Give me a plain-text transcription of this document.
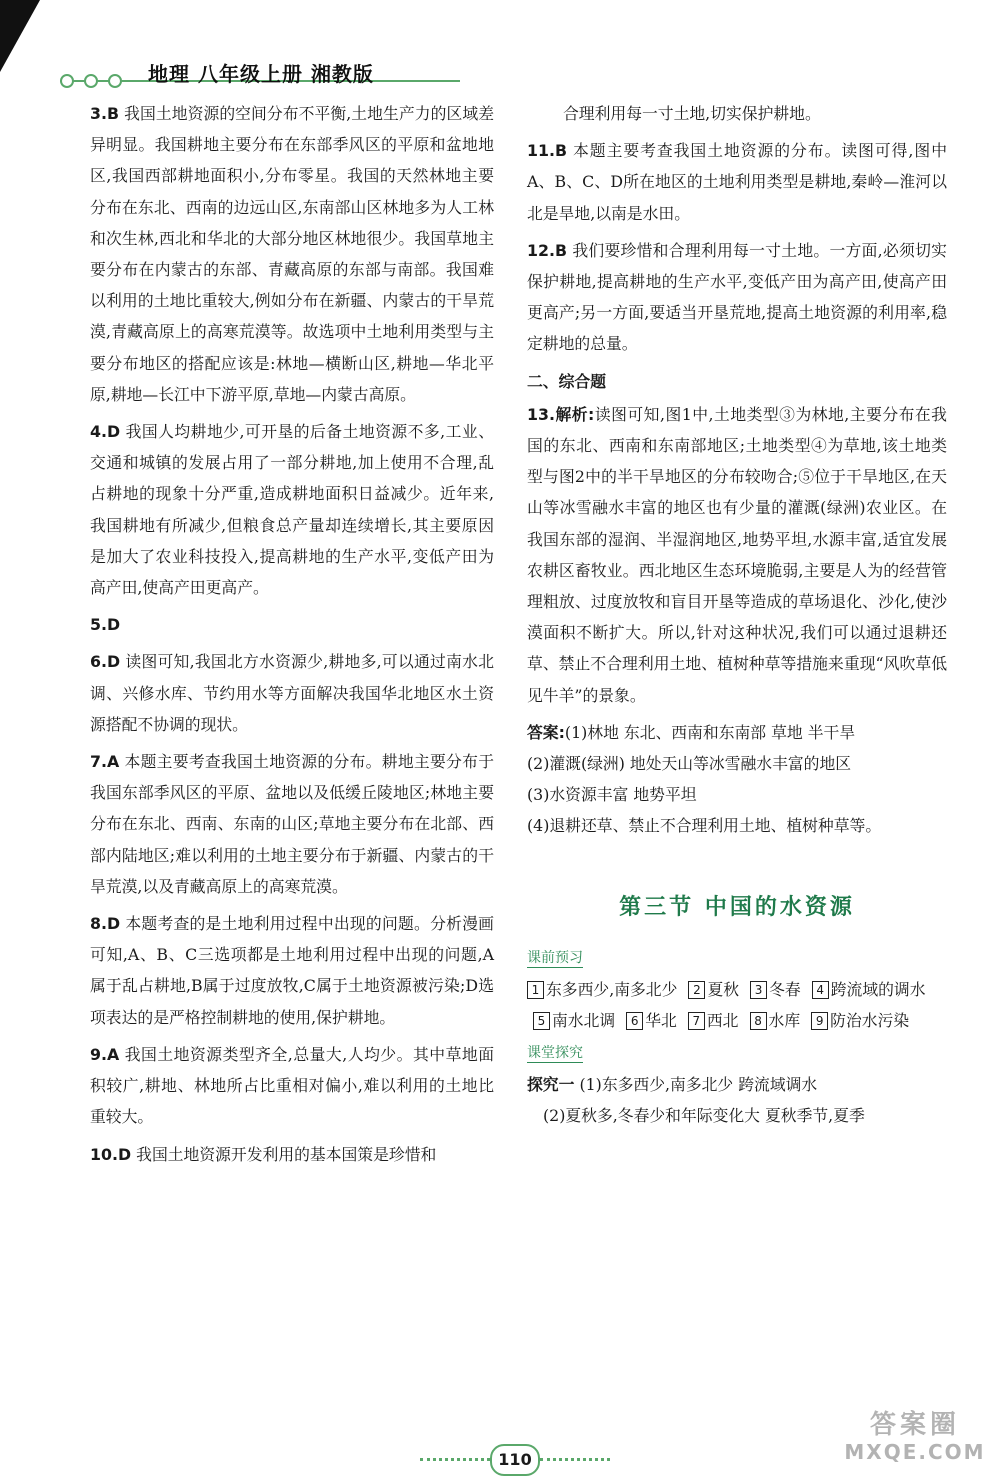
地理 八年级上册 湘教版
3.B 我国土地资源的空间分布不平衡,土地生产力的区域差异明显。我国耕地主要分布在东部季风区的平原和盆地地区,我国西部耕地面积小,分布零星。我国的天然林地主要分布在东北、西南的边远山区,东南部山区林地多为人工林和次生林,西北和华北的大部分地区林地很少。我国草地主要分布在内蒙古的东部、青藏高原的东部与南部。我国难以利用的土地比重较大,例如分布在新疆、内蒙古的干旱荒漠,青藏高原上的高寒荒漠等。故选项中土地利用类型与主要分布地区的搭配应该是:林地—横断山区,耕地—华北平原,耕地—长江中下游平原,草地—内蒙古高原。
4.D 我国人均耕地少,可开垦的后备土地资源不多,工业、交通和城镇的发展占用了一部分耕地,加上使用不合理,乱占耕地的现象十分严重,造成耕地面积日益减少。近年来,我国耕地有所减少,但粮食总产量却连续增长,其主要原因是加大了农业科技投入,提高耕地的生产水平,变低产田为高产田,使高产田更高产。
5.D
6.D 读图可知,我国北方水资源少,耕地多,可以通过南水北调、兴修水库、节约用水等方面解决我国华北地区水土资源搭配不协调的现状。
7.A 本题主要考查我国土地资源的分布。耕地主要分布于我国东部季风区的平原、盆地以及低缓丘陵地区;林地主要分布在东北、西南、东南的山区;草地主要分布在北部、西部内陆地区;难以利用的土地主要分布于新疆、内蒙古的干旱荒漠,以及青藏高原上的高寒荒漠。
8.D 本题考查的是土地利用过程中出现的问题。分析漫画可知,A、B、C三选项都是土地利用过程中出现的问题,A属于乱占耕地,B属于过度放牧,C属于土地资源被污染;D选项表达的是严格控制耕地的使用,保护耕地。
9.A 我国土地资源类型齐全,总量大,人均少。其中草地面积较广,耕地、林地所占比重相对偏小,难以利用的土地比重较大。
10.D 我国土地资源开发利用的基本国策是珍惜和

合理利用每一寸土地,切实保护耕地。

11.B 本题主要考查我国土地资源的分布。读图可得,图中A、B、C、D所在地区的土地利用类型是耕地,秦岭—淮河以北是旱地,以南是水田。
12.B 我们要珍惜和合理利用每一寸土地。一方面,必须切实保护耕地,提高耕地的生产水平,变低产田为高产田,使高产田更高产;另一方面,要适当开垦荒地,提高土地资源的利用率,稳定耕地的总量。
二、综合题
13.解析:读图可知,图1中,土地类型③为林地,主要分布在我国的东北、西南和东南部地区;土地类型④为草地,该土地类型与图2中的半干旱地区的分布较吻合;⑤位于干旱地区,在天山等冰雪融水丰富的地区也有少量的灌溉(绿洲)农业区。在我国东部的湿润、半湿润地区,地势平坦,水源丰富,适宜发展农耕区畜牧业。西北地区生态环境脆弱,主要是人为的经营管理粗放、过度放牧和盲目开垦等造成的草场退化、沙化,使沙漠面积不断扩大。所以,针对这种状况,我们可以通过退耕还草、禁止不合理利用土地、植树种草等措施来重现“风吹草低见牛羊”的景象。

答案:(1)林地 东北、西南和东南部 草地 半干旱

(2)灌溉(绿洲) 地处天山等冰雪融水丰富的地区

(3)水资源丰富 地势平坦

(4)退耕还草、禁止不合理利用土地、植树种草等。

第三节 中国的水资源
课前预习

1 东多西少,南多北少 2 夏秋 3 冬春 4 跨流域的调水 5 南水北调 6 华北 7 西北 8 水库 9 防治水污染

课堂探究

探究一 (1)东多西少,南多北少 跨流域调水

(2)夏秋多,冬春少和年际变化大 夏秋季节,夏季

110
答案圈
MXQE.COM
